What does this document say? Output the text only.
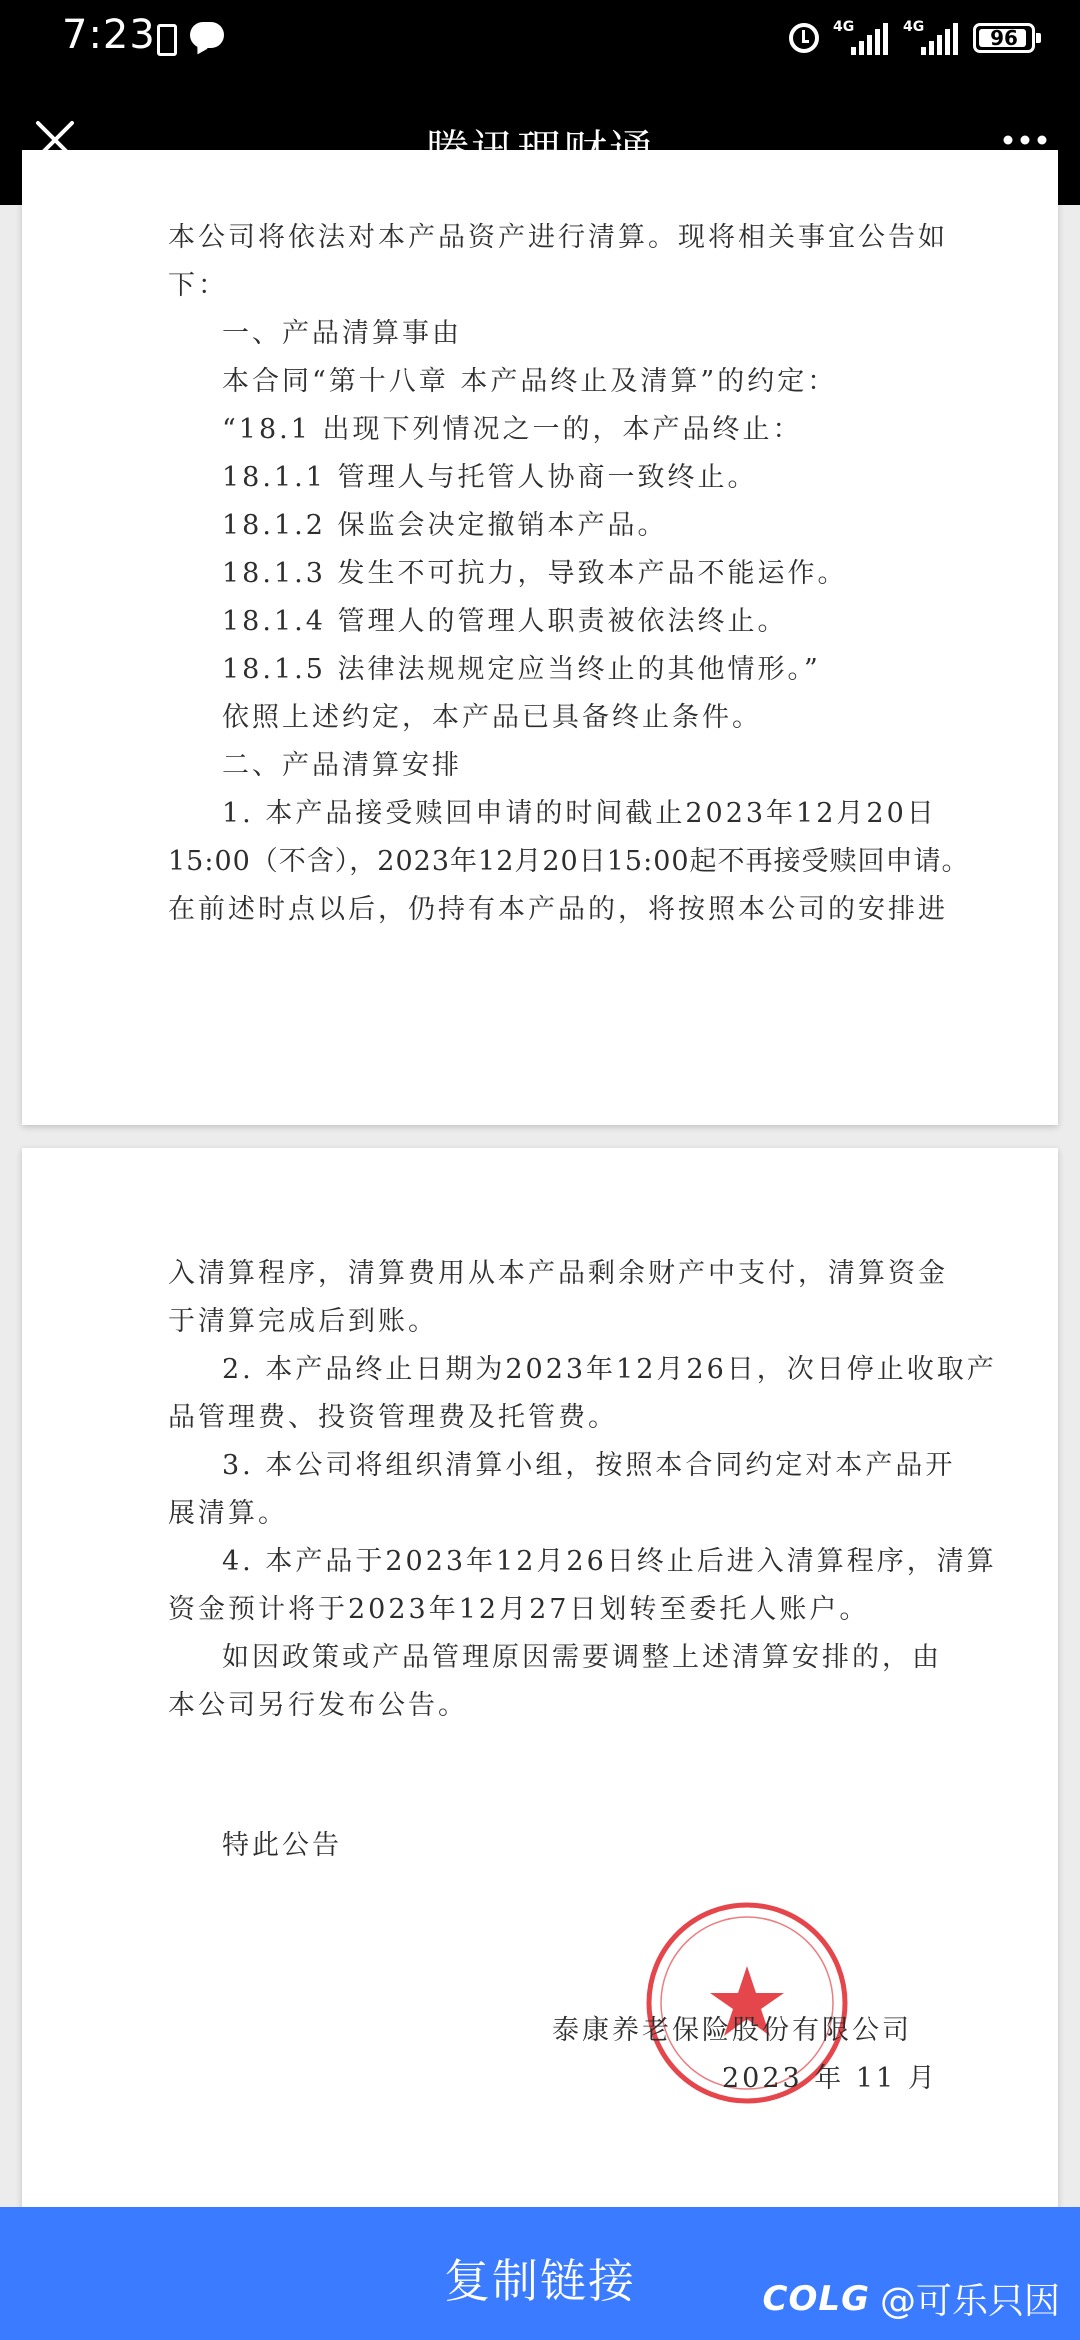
7:23	4G	4G	96
本公司将依法对本产品资产进行清算。现将相关事宜公告如
下：
一、产品清算事由
本合同“第十八章 本产品终止及清算”的约定：
“18.1 出现下列情况之一的，本产品终止：
18.1.1 管理人与托管人协商一致终止。
18.1.2 保监会决定撤销本产品。
18.1.3 发生不可抗力，导致本产品不能运作。
18.1.4 管理人的管理人职责被依法终止。
18.1.5 法律法规规定应当终止的其他情形。”
依照上述约定，本产品已具备终止条件。
二、产品清算安排
1. 本产品接受赎回申请的时间截止2023年12月20日
15:00（不含），2023年12月20日15:00起不再接受赎回申请。
在前述时点以后，仍持有本产品的，将按照本公司的安排进
入清算程序，清算费用从本产品剩余财产中支付，清算资金
于清算完成后到账。
2. 本产品终止日期为2023年12月26日，次日停止收取产
品管理费、投资管理费及托管费。
3. 本公司将组织清算小组，按照本合同约定对本产品开
展清算。
4. 本产品于2023年12月26日终止后进入清算程序，清算
资金预计将于2023年12月27日划转至委托人账户。
如因政策或产品管理原因需要调整上述清算安排的，由
本公司另行发布公告。
特此公告
泰康养老保险股份有限公司
2023 年 11 月
复制链接	COLG @可乐只因
